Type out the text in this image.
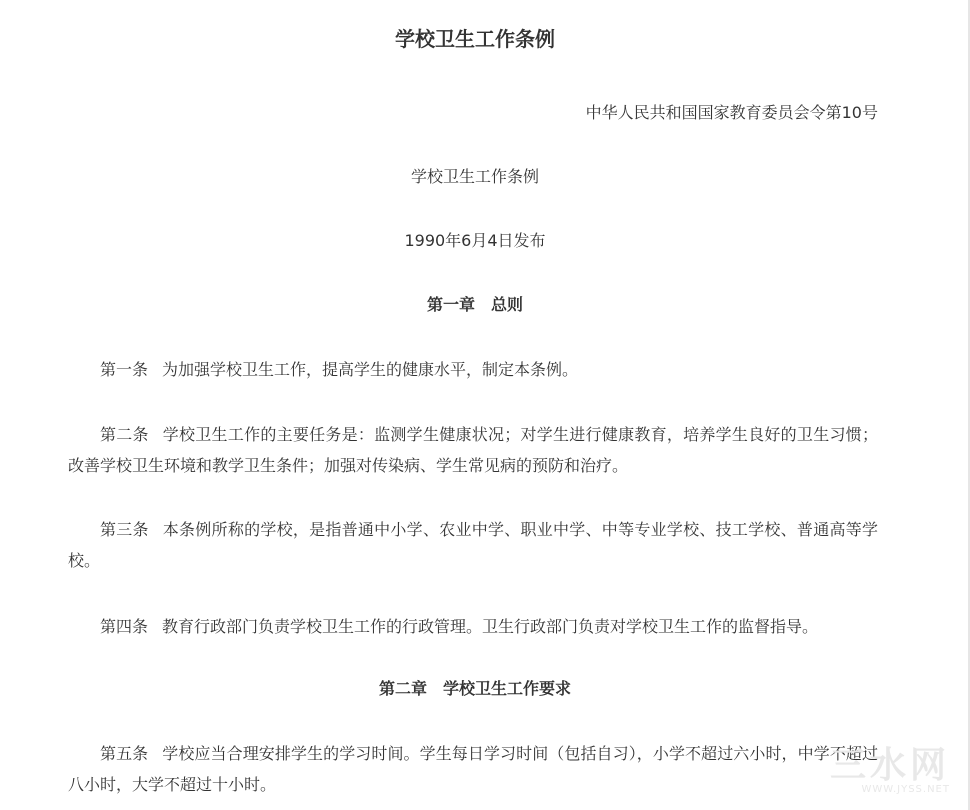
学校卫生工作条例
中华人民共和国国家教育委员会令第10号
学校卫生工作条例
1990年6月4日发布
第一章　总则
第一条 为加强学校卫生工作，提高学生的健康水平，制定本条例。
第二条 学校卫生工作的主要任务是：监测学生健康状况；对学生进行健康教育，培养学生良好的卫生习惯；改善学校卫生环境和教学卫生条件；加强对传染病、学生常见病的预防和治疗。
第三条 本条例所称的学校，是指普通中小学、农业中学、职业中学、中等专业学校、技工学校、普通高等学校。
第四条 教育行政部门负责学校卫生工作的行政管理。卫生行政部门负责对学校卫生工作的监督指导。
第二章　学校卫生工作要求
第五条 学校应当合理安排学生的学习时间。学生每日学习时间（包括自习），小学不超过六小时，中学不超过八小时，大学不超过十小时。	三水网
WWW.JYSS.NET
